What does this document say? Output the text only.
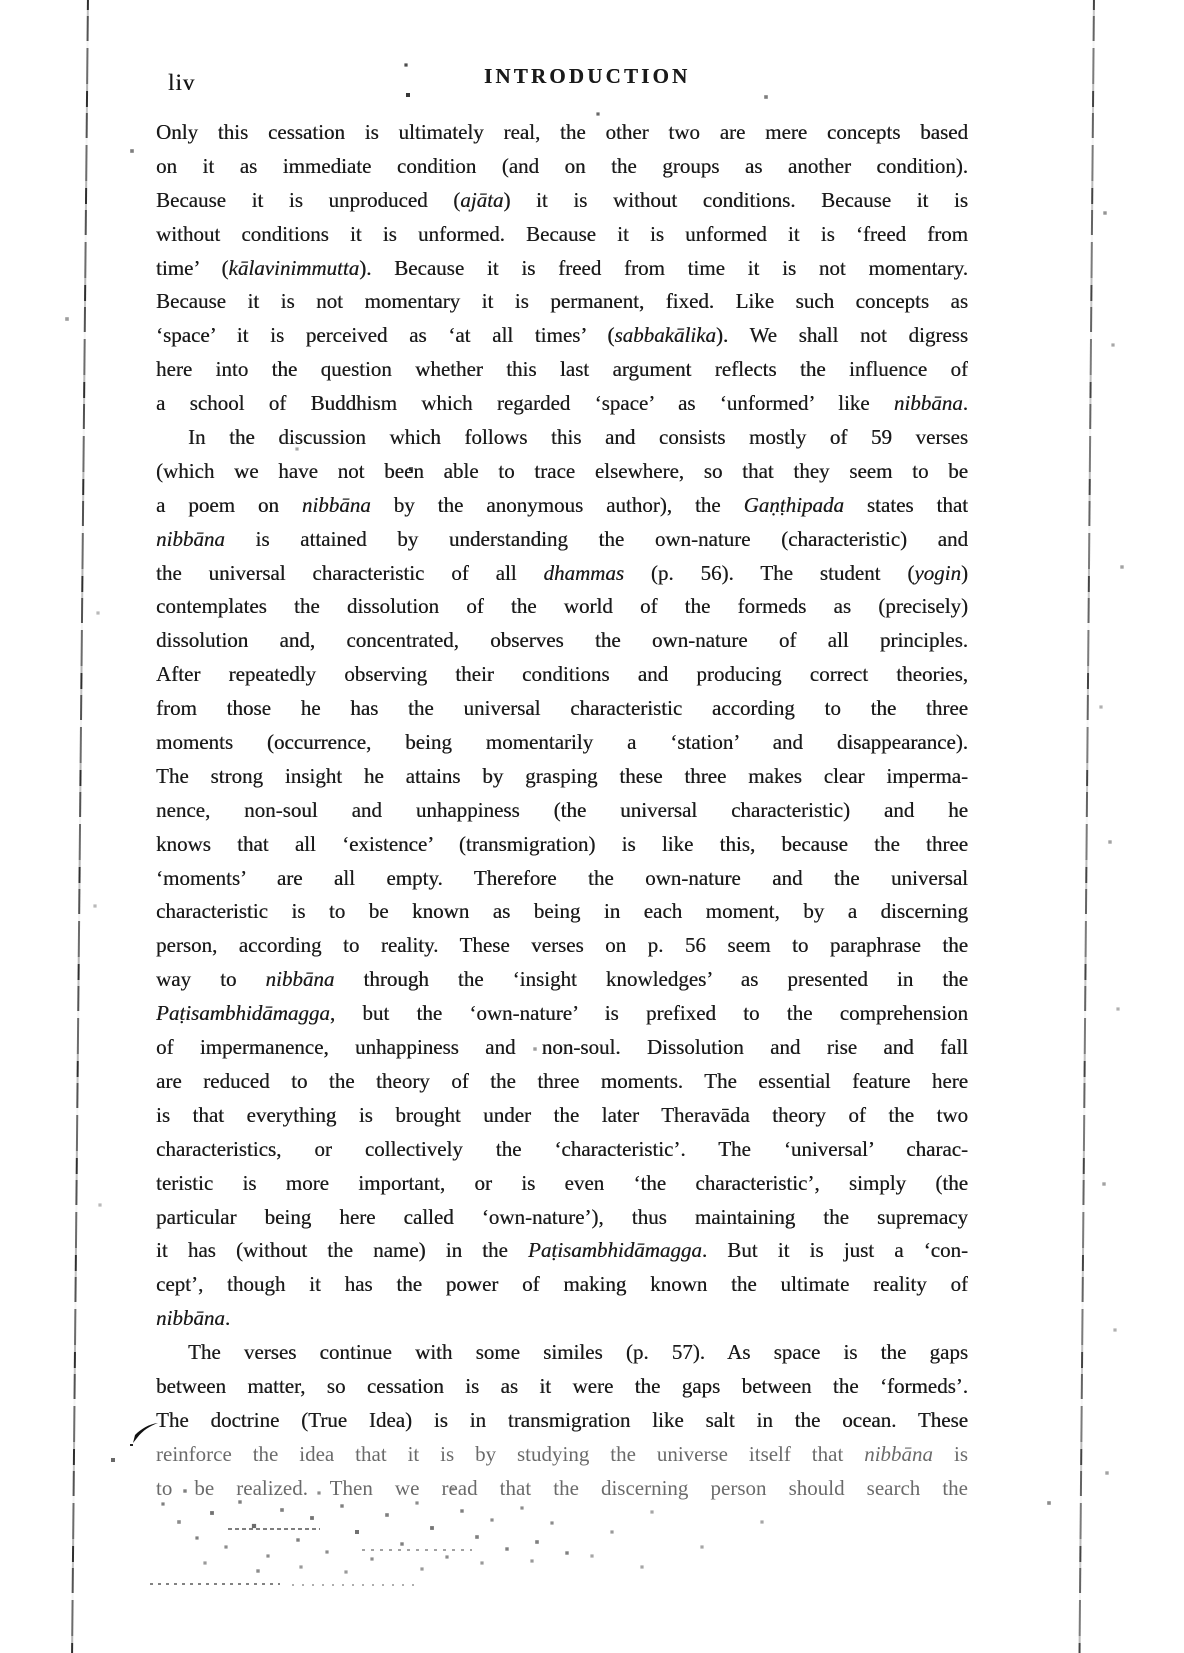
liv	INTRODUCTION
Only this cessation is ultimately real, the other two are mere concepts based
on it as immediate condition (and on the groups as another condition).
Because it is unproduced (ajāta) it is without conditions. Because it is
without conditions it is unformed. Because it is unformed it is ‘freed from
time’ (kālavinimmutta). Because it is freed from time it is not momentary.
Because it is not momentary it is permanent, fixed. Like such concepts as
‘space’ it is perceived as ‘at all times’ (sabbakālika). We shall not digress
here into the question whether this last argument reflects the influence of
a school of Buddhism which regarded ‘space’ as ‘unformed’ like nibbāna.
In the discussion which follows this and consists mostly of 59 verses
(which we have not been able to trace elsewhere, so that they seem to be
a poem on nibbāna by the anonymous author), the Gaṇṭhipada states that
nibbāna is attained by understanding the own-nature (characteristic) and
the universal characteristic of all dhammas (p. 56). The student (yogin)
contemplates the dissolution of the world of the formeds as (precisely)
dissolution and, concentrated, observes the own-nature of all principles.
After repeatedly observing their conditions and producing correct theories,
from those he has the universal characteristic according to the three
moments (occurrence, being momentarily a ‘station’ and disappearance).
The strong insight he attains by grasping these three makes clear imperma-
nence, non-soul and unhappiness (the universal characteristic) and he
knows that all ‘existence’ (transmigration) is like this, because the three
‘moments’ are all empty. Therefore the own-nature and the universal
characteristic is to be known as being in each moment, by a discerning
person, according to reality. These verses on p. 56 seem to paraphrase the
way to nibbāna through the ‘insight knowledges’ as presented in the
Paṭisambhidāmagga, but the ‘own-nature’ is prefixed to the comprehension
of impermanence, unhappiness and non-soul. Dissolution and rise and fall
are reduced to the theory of the three moments. The essential feature here
is that everything is brought under the later Theravāda theory of the two
characteristics, or collectively the ‘characteristic’. The ‘universal’ charac-
teristic is more important, or is even ‘the characteristic’, simply (the
particular being here called ‘own-nature’), thus maintaining the supremacy
it has (without the name) in the Paṭisambhidāmagga. But it is just a ‘con-
cept’, though it has the power of making known the ultimate reality of
nibbāna.
The verses continue with some similes (p. 57). As space is the gaps
between matter, so cessation is as it were the gaps between the ‘formeds’.
The doctrine (True Idea) is in transmigration like salt in the ocean. These
reinforce the idea that it is by studying the universe itself that nibbāna is
to be realized. Then we read that the discerning person should search the
